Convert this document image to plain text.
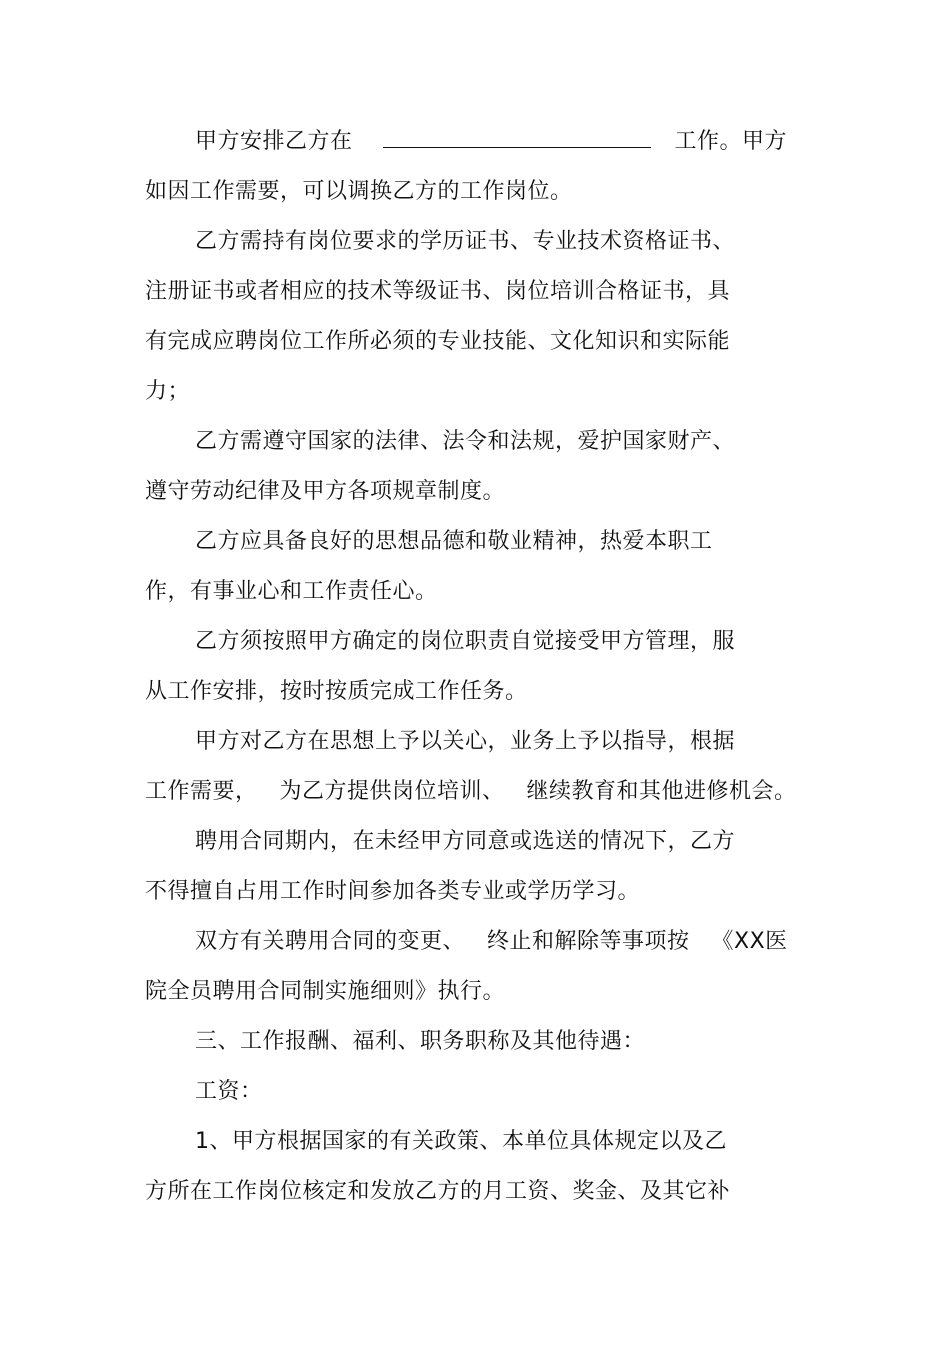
甲方安排乙方在	工作。甲方
如因工作需要，可以调换乙方的工作岗位。
乙方需持有岗位要求的学历证书、专业技术资格证书、
注册证书或者相应的技术等级证书、岗位培训合格证书，具
有完成应聘岗位工作所必须的专业技能、文化知识和实际能
力；
乙方需遵守国家的法律、法令和法规，爱护国家财产、
遵守劳动纪律及甲方各项规章制度。
乙方应具备良好的思想品德和敬业精神，热爱本职工
作，有事业心和工作责任心。
乙方须按照甲方确定的岗位职责自觉接受甲方管理，服
从工作安排，按时按质完成工作任务。
甲方对乙方在思想上予以关心，业务上予以指导，根据
工作需要， 为乙方提供岗位培训、 继续教育和其他进修机会。
聘用合同期内，在未经甲方同意或选送的情况下，乙方
不得擅自占用工作时间参加各类专业或学历学习。
双方有关聘用合同的变更、 终止和解除等事项按 《XX医
院全员聘用合同制实施细则》执行。
三、工作报酬、福利、职务职称及其他待遇：
工资：
1、甲方根据国家的有关政策、本单位具体规定以及乙
方所在工作岗位核定和发放乙方的月工资、奖金、及其它补
